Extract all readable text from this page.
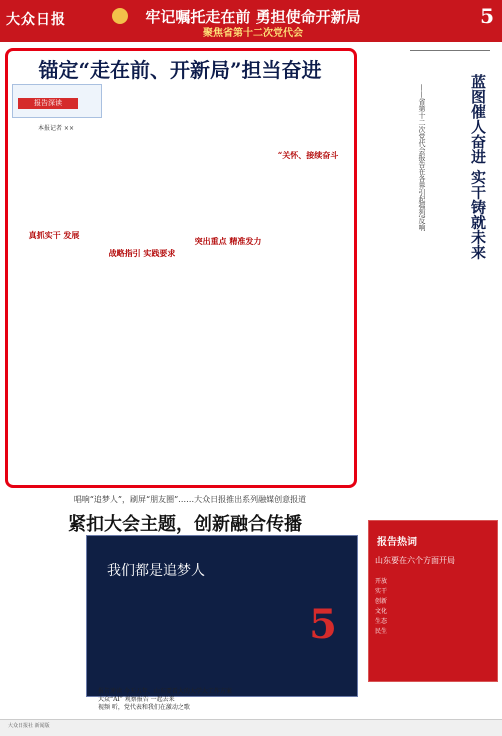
大众日报	牢记嘱托走在前 勇担使命开新局
聚焦省第十二次党代会
5
锚定“走在前、开新局”担当奋进
报告深读
本报记者 ××
真抓实干 发展
战略指引 实践要求
突出重点 精准发力
“关怀、接续奋斗	蓝图催人奋进 实干铸就未来
——省第十二次党代会报告在各界引起强烈反响
唱响“追梦人”，刷屏“朋友圈”……大众日报推出系列融媒创意报道
紧扣大会主题，创新融合传播
我们都是追梦人
5
报告速读 今天五年，山东要看大的大学大工作方案
大众“AI” 观察报告 一起去来
视频 听，党代表和我们在激动之歌
报告热词
山东要在六个方面开局
开放
实干
创新
文化
生态
民生
大众日报社 新闻版
